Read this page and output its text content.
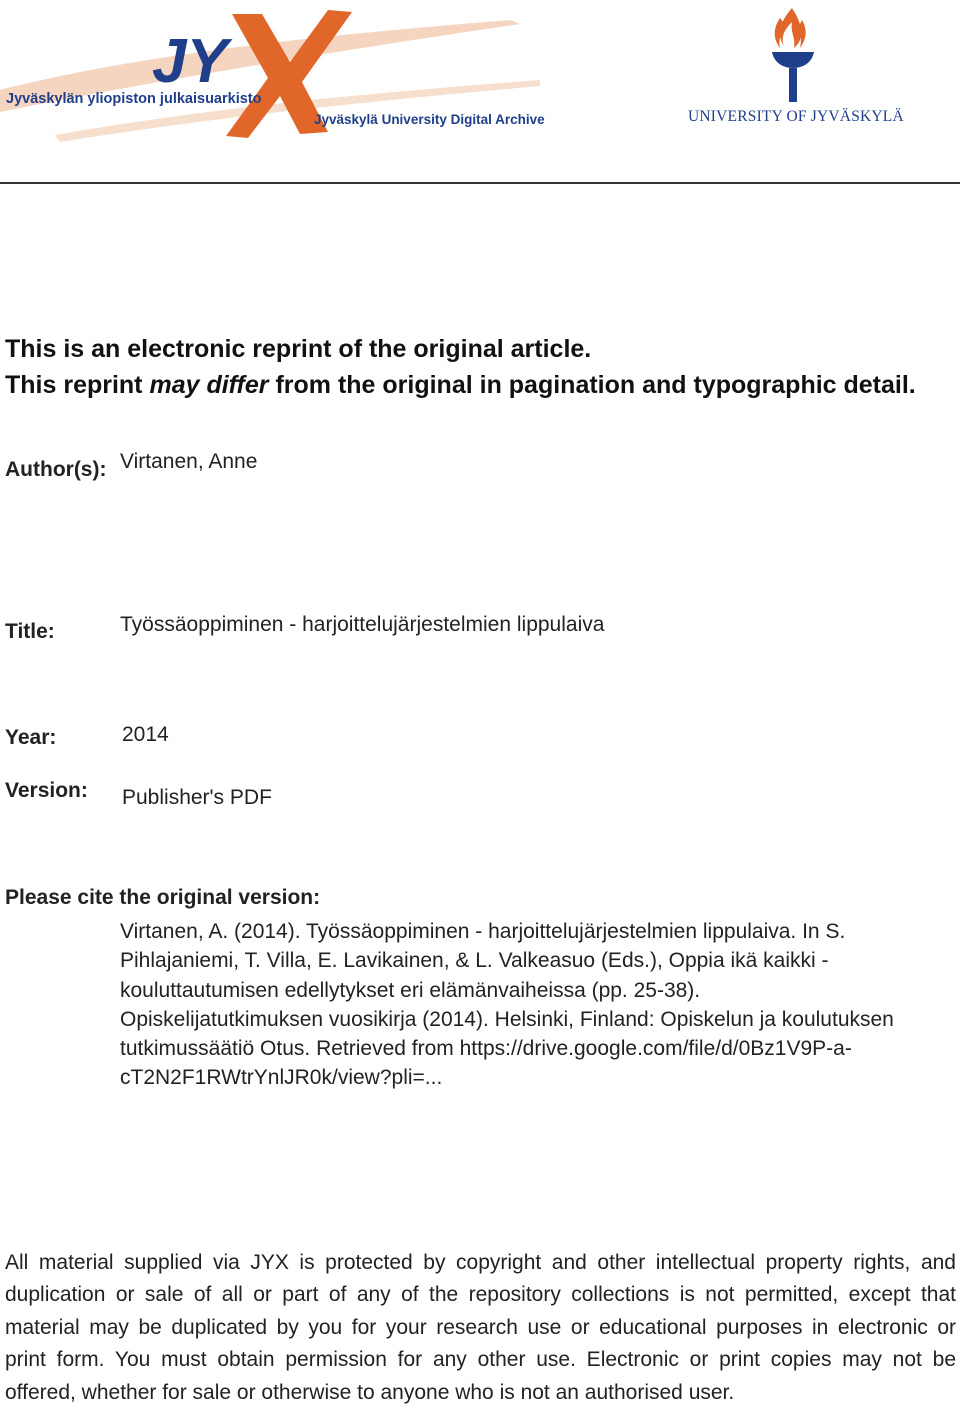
JY
Jyväskylän yliopiston julkaisuarkisto
Jyväskylä University Digital Archive	UNIVERSITY OF JYVÄSKYLÄ
This is an electronic reprint of the original article.
This reprint may differ from the original in pagination and typographic detail.
Author(s): Virtanen, Anne
Title:	Työssäoppiminen - harjoittelujärjestelmien lippulaiva
Year:	2014
Version: Publisher's PDF
Please cite the original version:
Virtanen, A. (2014). Työssäoppiminen - harjoittelujärjestelmien lippulaiva. In S.
Pihlajaniemi, T. Villa, E. Lavikainen, & L. Valkeasuo (Eds.), Oppia ikä kaikki -
kouluttautumisen edellytykset eri elämänvaiheissa (pp. 25-38).
Opiskelijatutkimuksen vuosikirja (2014). Helsinki, Finland: Opiskelun ja koulutuksen
tutkimussäätiö Otus. Retrieved from https://drive.google.com/file/d/0Bz1V9P-a-
cT2N2F1RWtrYnlJR0k/view?pli=...
All material supplied via JYX is protected by copyright and other intellectual property rights, and
duplication or sale of all or part of any of the repository collections is not permitted, except that
material may be duplicated by you for your research use or educational purposes in electronic or
print form. You must obtain permission for any other use. Electronic or print copies may not be
offered, whether for sale or otherwise to anyone who is not an authorised user.
